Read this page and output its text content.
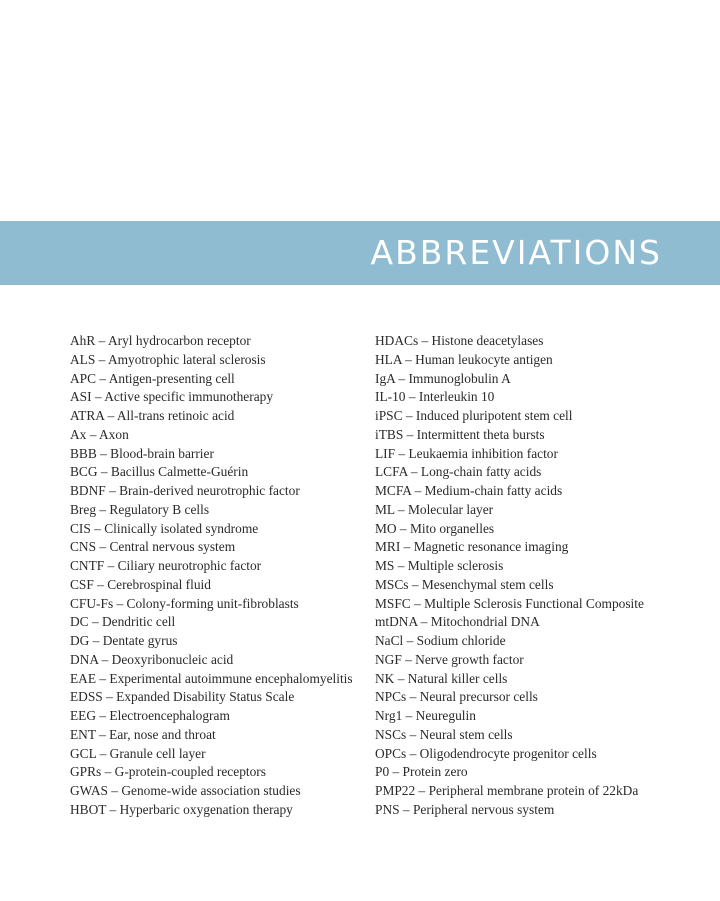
ABBREVIATIONS
AhR – Aryl hydrocarbon receptor
ALS – Amyotrophic lateral sclerosis
APC – Antigen-presenting cell
ASI – Active specific immunotherapy
ATRA – All-trans retinoic acid
Ax – Axon
BBB – Blood-brain barrier
BCG – Bacillus Calmette-Guérin
BDNF – Brain-derived neurotrophic factor
Breg – Regulatory B cells
CIS – Clinically isolated syndrome
CNS – Central nervous system
CNTF – Ciliary neurotrophic factor
CSF – Cerebrospinal fluid
CFU-Fs – Colony-forming unit-fibroblasts
DC – Dendritic cell
DG – Dentate gyrus
DNA – Deoxyribonucleic acid
EAE – Experimental autoimmune encephalomyelitis
EDSS – Expanded Disability Status Scale
EEG – Electroencephalogram
ENT – Ear, nose and throat
GCL – Granule cell layer
GPRs – G-protein-coupled receptors
GWAS – Genome-wide association studies
HBOT – Hyperbaric oxygenation therapy
HDACs – Histone deacetylases
HLA – Human leukocyte antigen
IgA – Immunoglobulin A
IL-10 – Interleukin 10
iPSC – Induced pluripotent stem cell
iTBS – Intermittent theta bursts
LIF – Leukaemia inhibition factor
LCFA – Long-chain fatty acids
MCFA – Medium-chain fatty acids
ML – Molecular layer
MO – Mito organelles
MRI – Magnetic resonance imaging
MS – Multiple sclerosis
MSCs – Mesenchymal stem cells
MSFC – Multiple Sclerosis Functional Composite
mtDNA – Mitochondrial DNA
NaCl – Sodium chloride
NGF – Nerve growth factor
NK – Natural killer cells
NPCs – Neural precursor cells
Nrg1 – Neuregulin
NSCs – Neural stem cells
OPCs – Oligodendrocyte progenitor cells
P0 – Protein zero
PMP22 – Peripheral membrane protein of 22kDa
PNS – Peripheral nervous system
